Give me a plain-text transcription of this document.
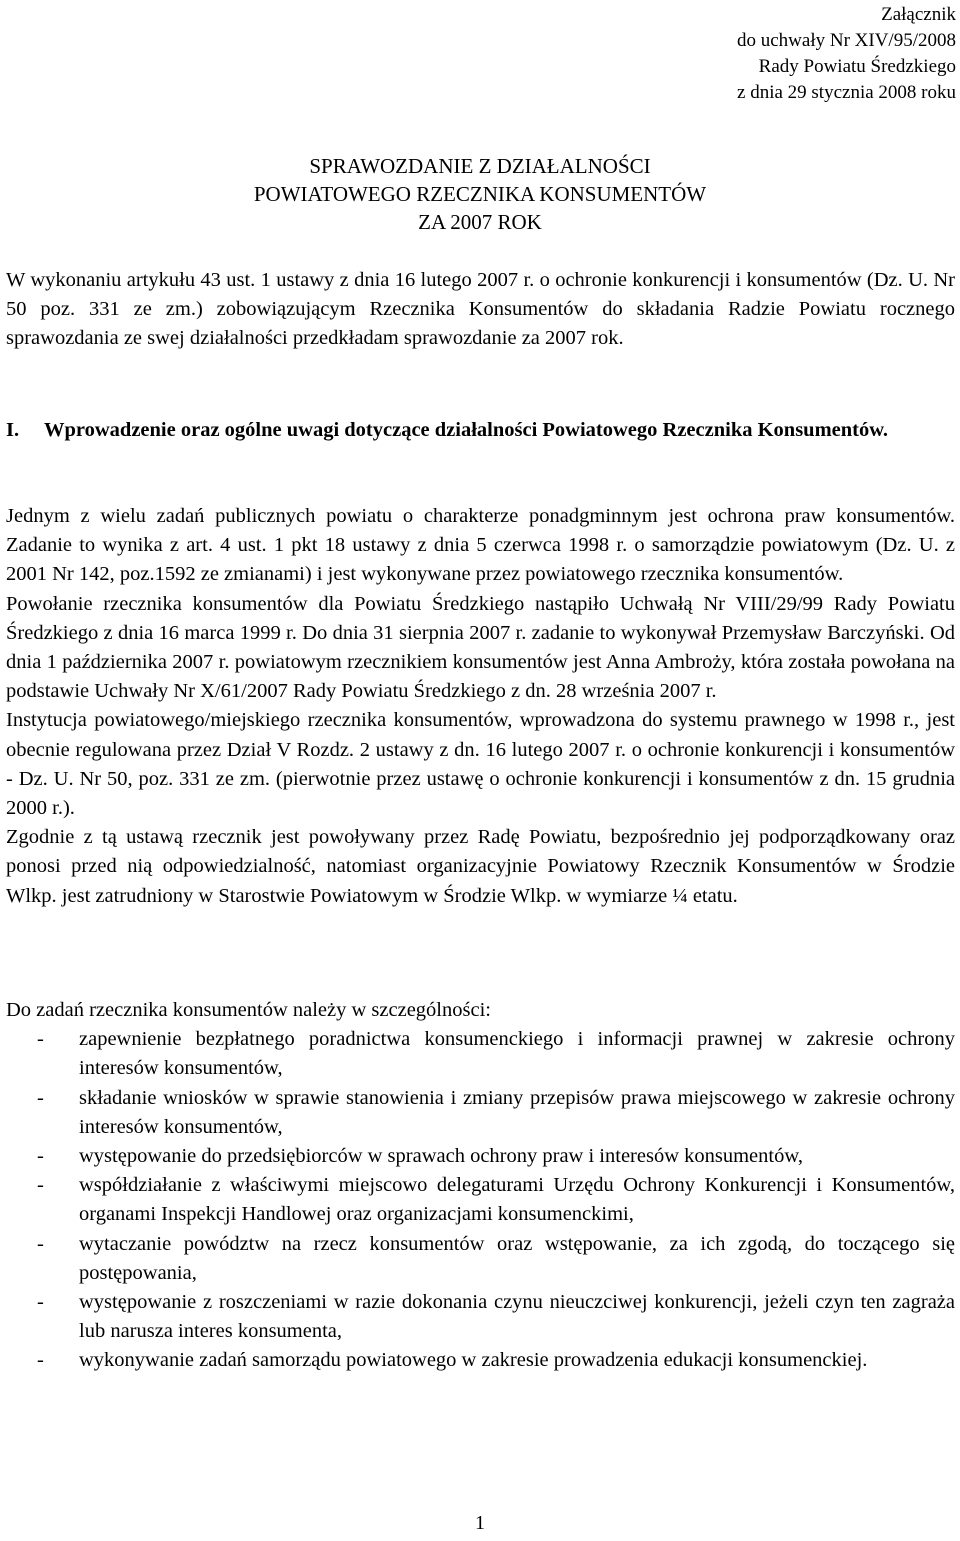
Załącznik
do uchwały Nr XIV/95/2008
Rady Powiatu Średzkiego
z dnia 29 stycznia 2008 roku
SPRAWOZDANIE Z DZIAŁALNOŚCI
POWIATOWEGO RZECZNIKA KONSUMENTÓW
ZA 2007 ROK

W wykonaniu artykułu 43 ust. 1 ustawy z dnia 16 lutego 2007 r. o ochronie konkurencji i konsumentów (Dz. U. Nr 50 poz. 331 ze zm.) zobowiązującym Rzecznika Konsumentów do składania Radzie Powiatu rocznego sprawozdania ze swej działalności przedkładam sprawozdanie za 2007 rok.

I. Wprowadzenie oraz ogólne uwagi dotyczące działalności Powiatowego Rzecznika Konsumentów.

Jednym z wielu zadań publicznych powiatu o charakterze ponadgminnym jest ochrona praw konsumentów. Zadanie to wynika z art. 4 ust. 1 pkt 18 ustawy z dnia 5 czerwca 1998 r. o samorządzie powiatowym (Dz. U. z 2001 Nr 142, poz.1592 ze zmianami) i jest wykonywane przez powiatowego rzecznika konsumentów.

Powołanie rzecznika konsumentów dla Powiatu Średzkiego nastąpiło Uchwałą Nr VIII/29/99 Rady Powiatu Średzkiego z dnia 16 marca 1999 r. Do dnia 31 sierpnia 2007 r. zadanie to wykonywał Przemysław Barczyński. Od dnia 1 października 2007 r. powiatowym rzecznikiem konsumentów jest Anna Ambroży, która została powołana na podstawie Uchwały Nr X/61/2007 Rady Powiatu Średzkiego z dn. 28 września 2007 r.

Instytucja powiatowego/miejskiego rzecznika konsumentów, wprowadzona do systemu prawnego w 1998 r., jest obecnie regulowana przez Dział V Rozdz. 2 ustawy z dn. 16 lutego 2007 r. o ochronie konkurencji i konsumentów - Dz. U. Nr 50, poz. 331 ze zm. (pierwotnie przez ustawę o ochronie konkurencji i konsumentów z dn. 15 grudnia 2000 r.).

Zgodnie z tą ustawą rzecznik jest powoływany przez Radę Powiatu, bezpośrednio jej podporządkowany oraz ponosi przed nią odpowiedzialność, natomiast organizacyjnie Powiatowy Rzecznik Konsumentów w Środzie Wlkp. jest zatrudniony w Starostwie Powiatowym w Środzie Wlkp. w wymiarze ¼ etatu.

Do zadań rzecznika konsumentów należy w szczególności:

- zapewnienie bezpłatnego poradnictwa konsumenckiego i informacji prawnej w zakresie ochrony interesów konsumentów,
- składanie wniosków w sprawie stanowienia i zmiany przepisów prawa miejscowego w zakresie ochrony interesów konsumentów,
- występowanie do przedsiębiorców w sprawach ochrony praw i interesów konsumentów,
- współdziałanie z właściwymi miejscowo delegaturami Urzędu Ochrony Konkurencji i Konsumentów, organami Inspekcji Handlowej oraz organizacjami konsumenckimi,
- wytaczanie powództw na rzecz konsumentów oraz wstępowanie, za ich zgodą, do toczącego się postępowania,
- występowanie z roszczeniami w razie dokonania czynu nieuczciwej konkurencji, jeżeli czyn ten zagraża lub narusza interes konsumenta,
- wykonywanie zadań samorządu powiatowego w zakresie prowadzenia edukacji konsumenckiej.
1
